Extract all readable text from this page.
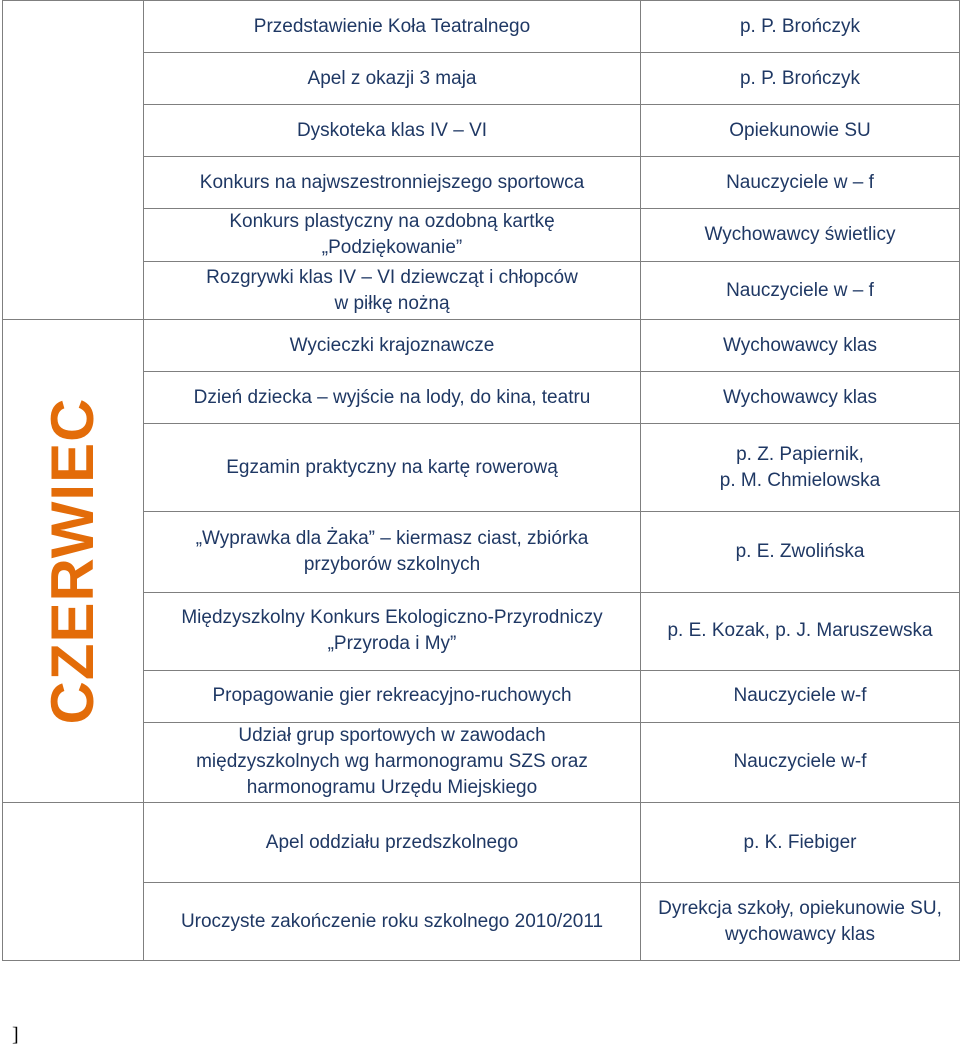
	Przedstawienie Koła Teatralnego	p. P. Brończyk

	Apel z okazji 3 maja	p. P. Brończyk

	Dyskoteka klas IV – VI	Opiekunowie SU

	Konkurs na najwszestronniejszego sportowca	Nauczyciele w – f

	Konkurs plastyczny na ozdobną kartkę
„Podziękowanie”	Wychowawcy świetlicy

	Rozgrywki klas IV – VI dziewcząt i chłopców
w piłkę nożną	Nauczyciele w – f

CZERWIEC	Wycieczki krajoznawcze	Wychowawcy klas

	Dzień dziecka – wyjście na lody, do kina, teatru	Wychowawcy klas

	Egzamin praktyczny na kartę rowerową	p. Z. Papiernik,
p. M. Chmielowska

	„Wyprawka dla Żaka” – kiermasz ciast, zbiórka
przyborów szkolnych	p. E. Zwolińska

	Międzyszkolny Konkurs Ekologiczno-Przyrodniczy
„Przyroda i My”	p. E. Kozak, p. J. Maruszewska

	Propagowanie gier rekreacyjno-ruchowych	Nauczyciele w-f

	Udział grup sportowych w zawodach
międzyszkolnych wg harmonogramu SZS oraz
harmonogramu Urzędu Miejskiego	Nauczyciele w-f

	Apel oddziału przedszkolnego	p. K. Fiebiger

	Uroczyste zakończenie roku szkolnego 2010/2011	Dyrekcja szkoły, opiekunowie SU,
wychowawcy klas
]
